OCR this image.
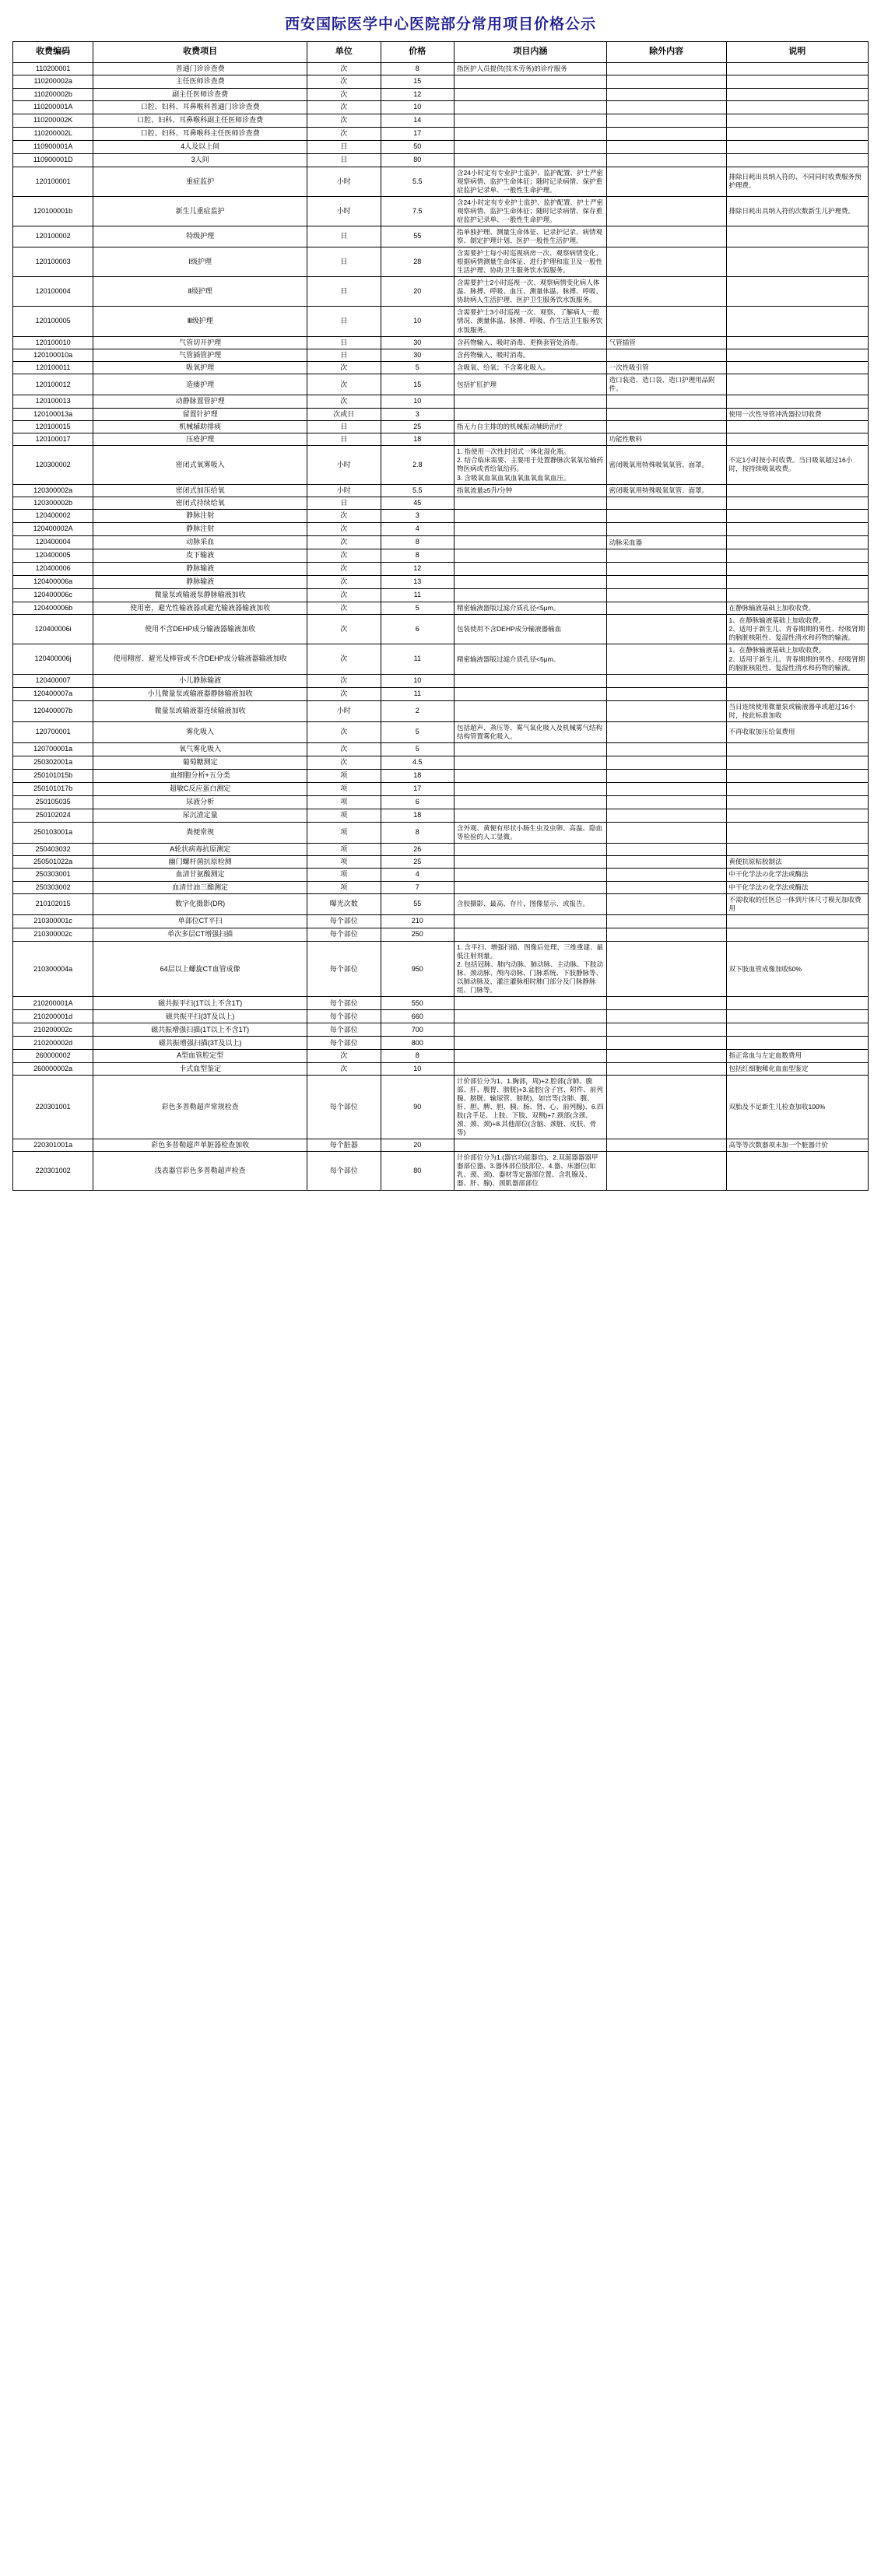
西安国际医学中心医院部分常用项目价格公示
收费编码	收费项目	单位	价格	项目内涵	除外内容	说明
110200001	普通门诊诊查费	次	8	指医护人员提供(技术劳务)的诊疗服务		
110200002a	主任医师诊查费	次	15			
110200002b	副主任医师诊查费	次	12			
110200001A	口腔、妇科、耳鼻喉科普通门诊诊查费	次	10			
110200002K	口腔、妇科、耳鼻喉科副主任医师诊查费	次	14			
110200002L	口腔、妇科、耳鼻喉科主任医师诊查费	次	17			
110900001A	4人及以上间	日	50			
110900001D	3人间	日	80			
120100001	重症监护	小时	5.5	含24小时定有专业护士监护、监护配置、护士严密观察病情、监护生命体征；随时记录病情、保护重症监护记录单、一般性生命护理。		排除日耗出具纳入符的、不同同时收费服务预护理费。
120100001b	新生儿重症监护	小时	7.5	含24小时定有专业护士监护、监护配置、护士严密观察病情、监护生命体征；随时记录病情、保存重症监护记录单、一般性生命护理。		排除日耗出具纳入符的次数新生儿护理费。
120100002	特级护理	日	55	指单独护理、测量生命体征、记录护记录、病情观察、制定护理计划、医护一般性生活护理。		
120100003	Ⅰ级护理	日	28	含需要护士每小时巡视病房一次、观察病情变化、根据病情测量生命体征、进行护理和监卫及一般性生活护理、协助卫生服务饮水饭服务。		
120100004	Ⅱ级护理	日	20	含需要护士2小时巡视一次、观察病情变化病人体温、脉搏、呼吸、血压、测量体温、脉搏、呼吸、协助病人生活护理、医护卫生服务饮水饭服务。		
120100005	Ⅲ级护理	日	10	含需要护士3小时巡视一次、观察、了解病人一般情况、测量体温、脉搏、呼吸、作生活卫生服务饮水饭服务。		
120100010	气管切开护理	日	30	含药物输入、吸时消毒、更换套管处消毒。	气管插管	
120100010a	气管插管护理	日	30	含药物输入、吸时消毒。		
120100011	吸氧护理	次	5	含吸氧、给氧；不含雾化吸入。	一次性吸引管	
120100012	造瘘护理	次	15	包括扩肛护理	造口装造、造口袋、造口护理用品附件。	
120100013	动静脉置管护理	次	10			
120100013a	留置针护理	次或日	3			使用一次性导管冲洗器拉切收费
120100015	机械辅助排痰	日	25	指无力自主排的的机械振动辅助治疗		
120100017	压疮护理	日	18		功能性敷料	
120300002	密闭式氧雾吸入	小时	2.8	1. 指使用一次性封闭式一体化湿化瓶。
2. 结合临床需要、主要用于处置静脉次氧氧给输药物医病或者给氧给药。
3. 含吸氧血氧血氧血氧血氧血氧血压。	密闭吸氧用特殊吸氧氧管、面罩。	不定1小时按小时收费。当日吸氧超过16小时，按持续吸氧收费。
120300002a	密闭式加压给氧	小时	5.5	指氧流量≥5升/分钟	密闭吸氧用特殊吸氧氧管、面罩。	
120300002b	密闭式持续给氧	日	45			
120400002	静脉注射	次	3			
120400002A	静脉注射	次	4			
120400004	动脉采血	次	8		动脉采血器	
120400005	皮下输液	次	8			
120400006	静脉输液	次	12			
120400006a	静脉输液	次	13			
120400006c	微量泵或输液泵静脉输液加收	次	11			
120400006b	使用密，避光性输液器或避光输液器输液加收	次	5	精密输液器版过滤介质孔径<5μm。		在静脉输液基础上加收收费。
120400006i	使用不含DEHP成分输液器输液加收	次	6	包装使用不含DEHP成分输液器输血		1、在静脉输液基础上加收收费。
2、适用于新生儿、青春期期的男性、经吸肾期的脑脏核阻性、复湿性清水和药物的输液。
120400006j	使用精密、避光及棒管或不含DEHP成分输液器输液加收	次	11	精密输液器版过滤介质孔径<5μm。		1、在静脉输液基础上加收收费。
2、适用于新生儿、青春期期的男性、经吸肾期的脑脏核阻性、复湿性清水和药物的输液。
120400007	小儿静脉输液	次	10			
120400007a	小儿微量泵或输液器静脉输液加收	次	11			
120400007b	微量泵或输液器连续输液加收	小时	2			当日连续使用微量泵或输液器单或超过16小时，按此标准加收
120700001	雾化吸入	次	5	包括超声、蒸压等、雾气氧化吸入及机械雾气结构结构管置雾化吸入。		不再收取加压给氧费用
120700001a	氧气雾化吸入	次	5			
250302001a	葡萄糖测定	次	4.5			
250101015b	血细胞分析+五分类	项	18			
250101017b	超敏C反应蛋白测定	项	17			
250105035	尿液分析	项	6			
250102024	尿沉渣定量	项	18			
250103001a	粪便常规	项	8	含外观、黄便有形状小肠生虫及虫卵、高温、隐血等检验的人工显微。		
250403032	A轮状病毒抗原测定	项	26			
250501022a	幽门螺杆菌抗原检测	项	25			黄便抗原粘胶制法
250303001	血清甘氨酸测定	项	4			中干化学法の化学法或酶法
250303002	血清甘油三酯测定	项	7			中干化学法の化学法或酶法
210102015	数字化摄影(DR)	曝光次数	55	含胶摄影、最高、存片、图像显示、或报告。		不需收取的任医总一体到片体尺寸模光加收费用
210300001c	单部位CT平扫	每个部位	210			
210300002c	单次多层CT增强扫描	每个部位	250			
210300004a	64层以上螺旋CT血管成像	每个部位	950	1. 含平扫、增强扫描、图像后处理、三维重建、最低注射剂量。
2. 包括冠脉、肺内动脉、肺动脉、主动脉、下肢动脉、颈动脉、颅内动脉、门脉系统、下肢静脉等、以肺动脉及、灌注灌脉相时肺门部分及门脉静脉组、门脉等。		双下肢血管成像加收50%
210200001A	磁共振平扫(1T以上不含1T)	每个部位	550			
210200001d	磁共振平扫(3T及以上)	每个部位	660			
210200002c	磁共振增强扫描(1T以上不含1T)	每个部位	700			
210200002d	磁共振增强扫描(3T及以上)	每个部位	800			
260000002	A型血管腔定型	次	8			指正常血与左定血数费用
260000002a	卡式血型鉴定	次	10			包括红细胞稀化血血型鉴定
220301001	彩色多普勒超声常规检查	每个部位	90	计价部位分为1、1.胸部，周)+2.腔部(含肺、腹部、肝、腹胃、膀胱)+3.盆腔(含子宫、附件、前列腺、膀胱、输尿管、膀胱)，如宫等(含肺、腹、肝、胆、脾、胆、胰、肠、肾、心、前列腺)、6.四肢(含手足、上肢、下肢、双侧)+7.颈部(含颈、颈、颈、颈)+8.其他部位(含脑、颈脏、皮肤、骨等)		双胎及不足新生儿检查加收100%
220301001a	彩色多普勒超声单脏器检查加收	每个脏器	20			高等等次数器项末加一个脏器计价
220301002	浅表器官彩色多普勒超声检查	每个部位	80	计价部位分为1.(器官功能器官)、2.双涎器器器甲器部位器、3.器体部位肢部位、4.器、床器位(如乳、颈、颈)、器材等定器部位置、含乳腺及、器、肝、腺)、颈肌器部部位		
